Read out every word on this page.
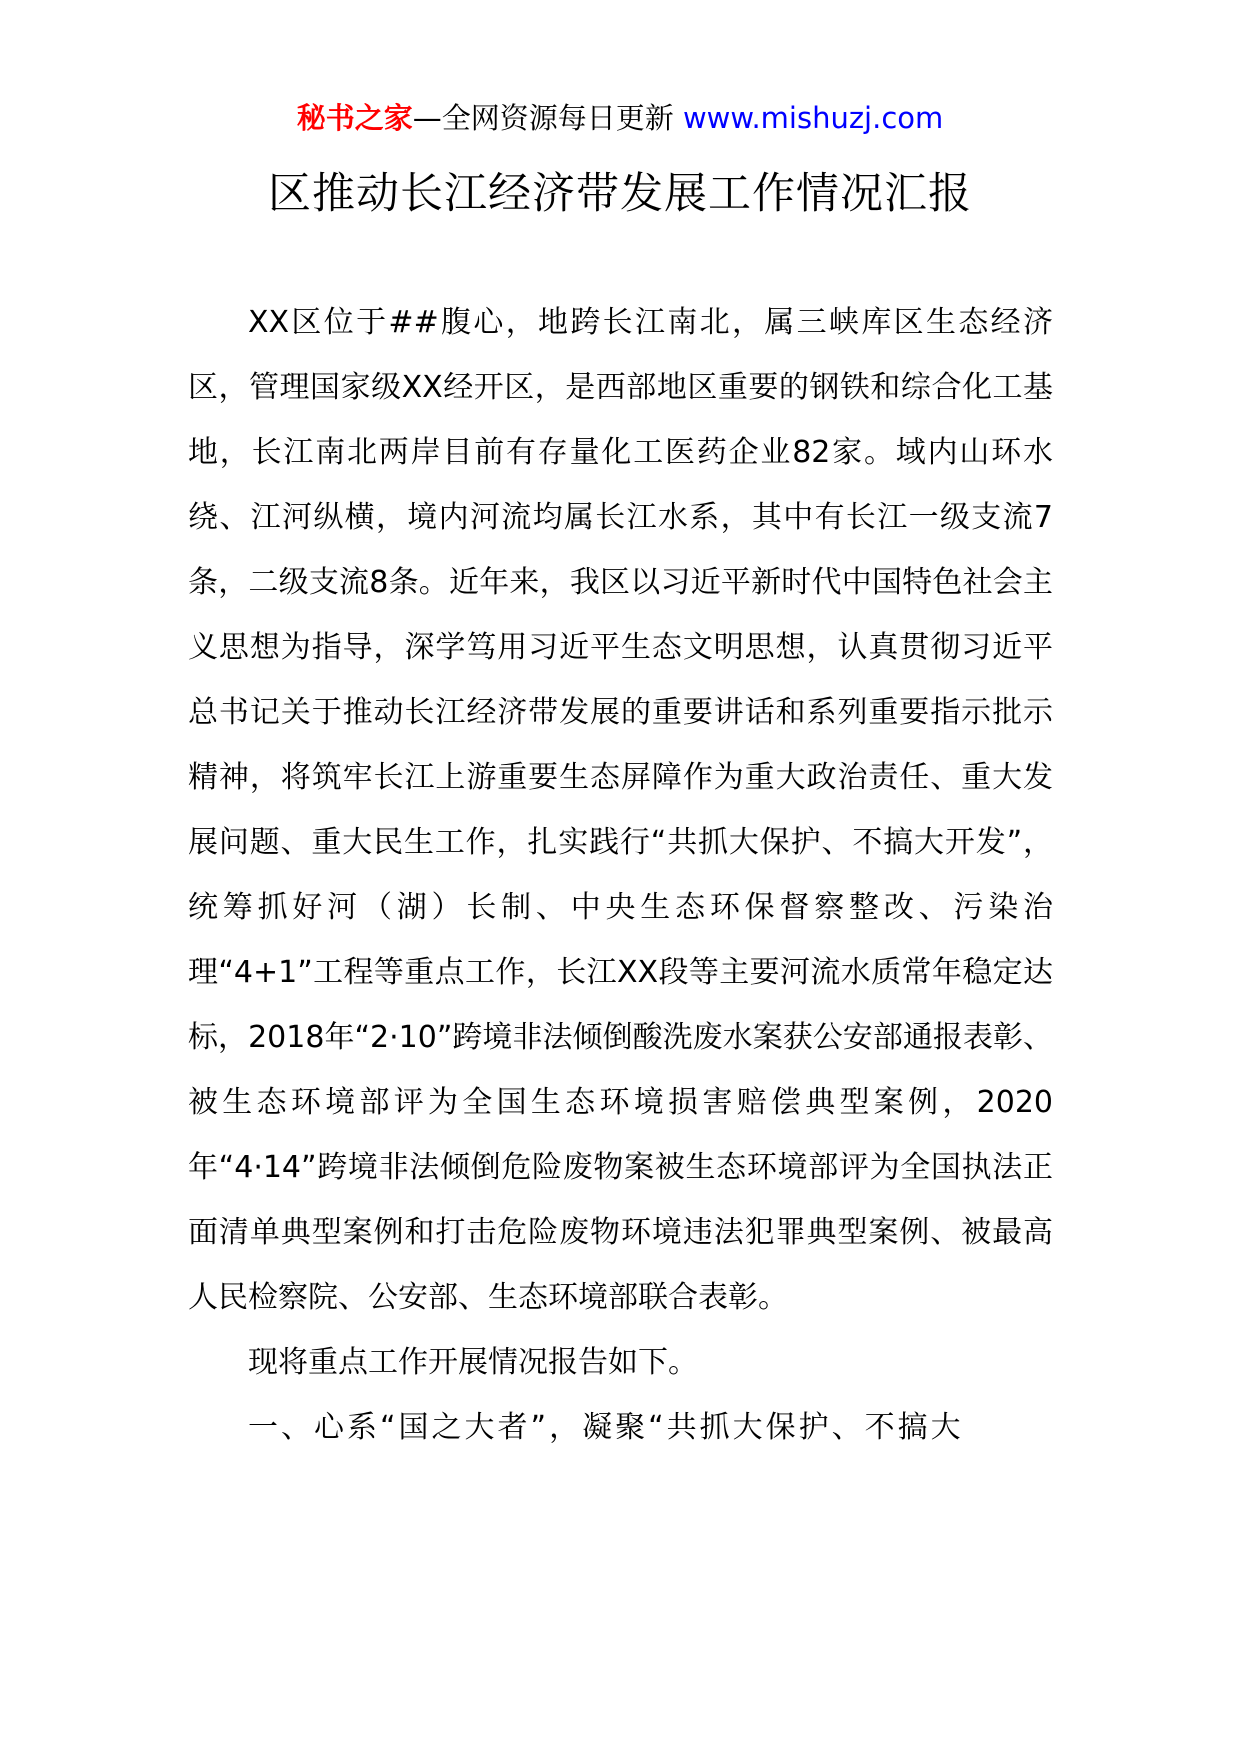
秘书之家—全网资源每日更新 www.mishuzj.com
区推动长江经济带发展工作情况汇报

XX区位于##腹心，地跨长江南北，属三峡库区生态经济区，管理国家级XX经开区，是西部地区重要的钢铁和综合化工基地，长江南北两岸目前有存量化工医药企业82家。域内山环水绕、江河纵横，境内河流均属长江水系，其中有长江一级支流7条，二级支流8条。近年来，我区以习近平新时代中国特色社会主义思想为指导，深学笃用习近平生态文明思想，认真贯彻习近平总书记关于推动长江经济带发展的重要讲话和系列重要指示批示精神，将筑牢长江上游重要生态屏障作为重大政治责任、重大发展问题、重大民生工作，扎实践行“共抓大保护、不搞大开发”，统筹抓好河（湖）长制、中央生态环保督察整改、污染治理“4+1”工程等重点工作，长江XX段等主要河流水质常年稳定达标，2018年“2·10”跨境非法倾倒酸洗废水案获公安部通报表彰、被生态环境部评为全国生态环境损害赔偿典型案例，2020年“4·14”跨境非法倾倒危险废物案被生态环境部评为全国执法正面清单典型案例和打击危险废物环境违法犯罪典型案例、被最高人民检察院、公安部、生态环境部联合表彰。

现将重点工作开展情况报告如下。

一、心系“国之大者”，凝聚“共抓大保护、不搞大
